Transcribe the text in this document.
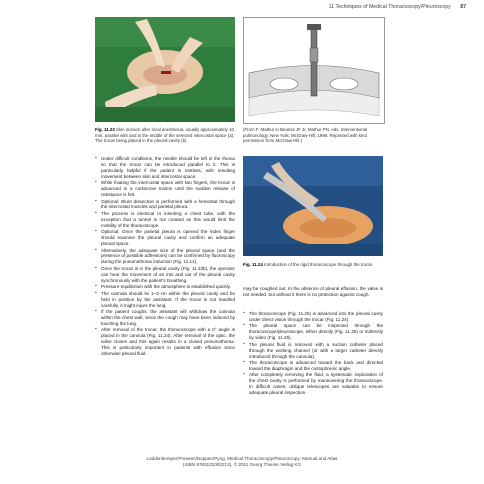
11 Techniques of Medical Thoracoscopy/Pleuroscopy 87
Fig. 11.23 Skin incision after local anesthesia, usually approximately 10 mm, parallel with and in the middle of the selected intercostal space (a). The trocar being placed in the pleural cavity (b).
(From F. Mathur in Beamis JF Jr, Mathur PN, eds. Interventional pulmonology. New York: McGraw-Hill; 1999. Reprinted with kind permission from McGraw-Hill.)
▪ Under difficult conditions, the needle should be left in the thorax so that the trocar can be introduced parallel to it. This is particularly helpful if the patient is restless, with resulting movement between skin and intercostal space.
▪ While fixating the intercostal space with two fingers, the trocar is advanced in a corkscrew motion until the sudden release of resistance is felt.
▪ Optional: Blunt dissection is performed with a hemostat through the intercostal muscles and parietal pleura.
▪ The process is identical to inserting a chest tube, with the exception that a tunnel is not created as this would limit the mobility of the thoracoscope.
▪ Optional: Once the parietal pleura is opened the index finger should examine the pleural cavity and confirm an adequate pleural space.
▪ Alternatively, the adequate size of the pleural space (and the presence of possible adhesions) can be confirmed by fluoroscopy during the pneumothorax induction (Fig. 11.14).
▪ Once the trocar is in the pleural cavity (Fig. 11.23b), the operator can hear the movement of air into and out of the pleural cavity synchronously with the patient's breathing.
▪ Pressure equilibrium with the atmosphere is established quickly.
▪ The cannula should lie 1–3 cm within the pleural cavity and be held in position by the assistant. If the trocar is not handled carefully, it might injure the lung.
▪ If the patient coughs, the assistant will withdraw the cannula within the chest wall, since the cough may have been induced by touching the lung.
▪ After removal of the trocar, the thoracoscope with a 0° angle is placed in the cannula (Fig. 11.24). After removal of the optic, the valve closes and this again results in a closed pneumothorax. This is particularly important in patients with effusion since otherwise pleural fluid
Fig. 11.24 Introduction of the rigid thoracoscope through the trocar.
may be coughed out. In the absence of pleural effusion, the valve is not needed, but without it there is no protection against cough.
▪ The thoracoscope (Fig. 11.25) is advanced into the pleural cavity under direct vision through the trocar (Fig. 11.24).
▪ The pleural space can be inspected through the thoracoscope/pleuroscope, either directly (Fig. 11.25) or indirectly by video (Fig. 11.26).
▪ The pleural fluid is removed with a suction catheter placed through the working channel (or with a larger catheter directly introduced through the cannula).
▪ The thoracoscope is advanced toward the back and directed toward the diaphragm and the costophrenic angle.
▪ After completely removing the fluid, a systematic exploration of the chest cavity is performed by maneuvering the thoracoscope. In difficult cases, oblique telescopes are valuable to ensure adequate pleural inspection.
Loddenkemper/Praveen/Noppen/Pyng, Medical Thoracoscopy/Pleuroscopy: Manual and Atlas
(ISBN 9783131082213), © 2011 Georg Thieme Verlag KG
